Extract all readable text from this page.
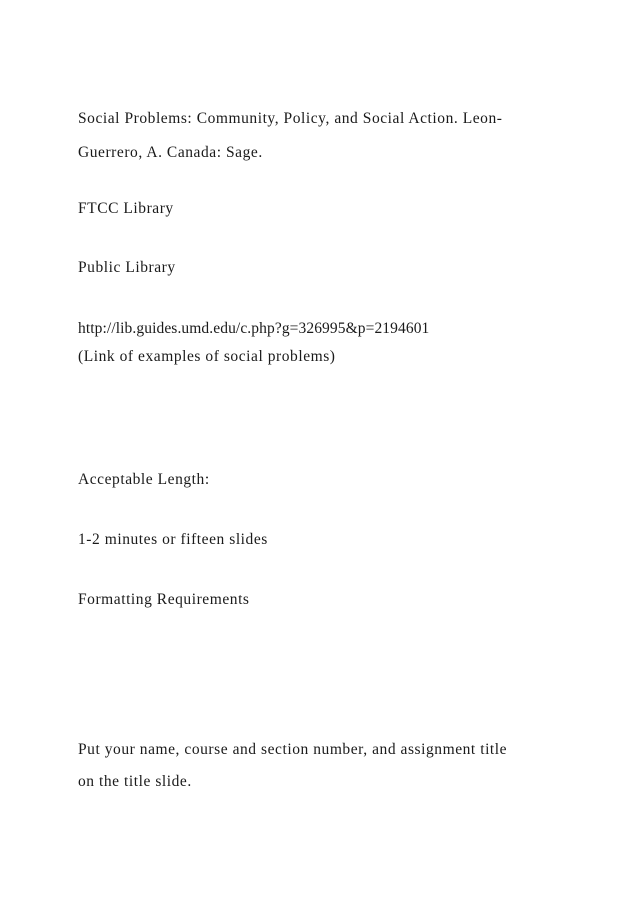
Social Problems: Community, Policy, and Social Action. Leon-
Guerrero, A. Canada: Sage.
FTCC Library
Public Library
http://lib.guides.umd.edu/c.php?g=326995&p=2194601
(Link of examples of social problems)
Acceptable Length:
1-2 minutes or fifteen slides
Formatting Requirements
Put your name, course and section number, and assignment title
on the title slide.
